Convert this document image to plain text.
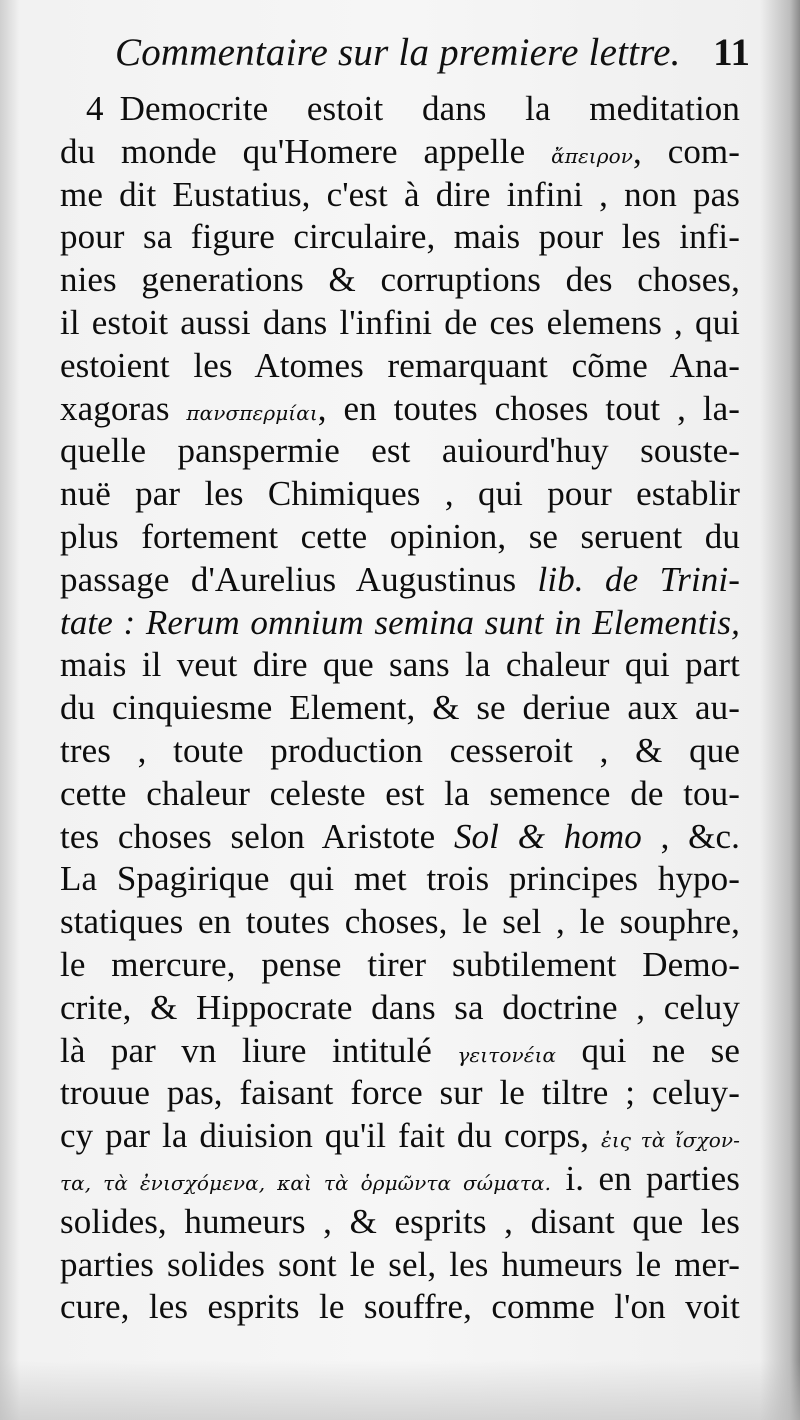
Commentaire sur la premiere lettre. 11
4 Democrite estoit dans la meditation
du monde qu'Homere appelle ἄπειρον, com-
me dit Eustatius, c'est à dire infini , non pas
pour sa figure circulaire, mais pour les infi-
nies generations & corruptions des choses,
il estoit aussi dans l'infini de ces elemens , qui
estoient les Atomes remarquant cõme Ana-
xagoras πανσπερμίαι, en toutes choses tout , la-
quelle panspermie est auiourd'huy souste-
nuë par les Chimiques , qui pour establir
plus fortement cette opinion, se seruent du
passage d'Aurelius Augustinus lib. de Trini-
tate : Rerum omnium semina sunt in Elementis,
mais il veut dire que sans la chaleur qui part
du cinquiesme Element, & se deriue aux au-
tres , toute production cesseroit , & que
cette chaleur celeste est la semence de tou-
tes choses selon Aristote Sol & homo , &c.
La Spagirique qui met trois principes hypo-
statiques en toutes choses, le sel , le souphre,
le mercure, pense tirer subtilement Demo-
crite, & Hippocrate dans sa doctrine , celuy
là par vn liure intitulé γειτονέια qui ne se
trouue pas, faisant force sur le tiltre ; celuy-
cy par la diuision qu'il fait du corps, ἐις τὰ ἴσχον-
τα, τὰ ἐνισχόμενα, καὶ τὰ ὁρμῶντα σώματα. i. en parties
solides, humeurs , & esprits , disant que les
parties solides sont le sel, les humeurs le mer-
cure, les esprits le souffre, comme l'on voit
